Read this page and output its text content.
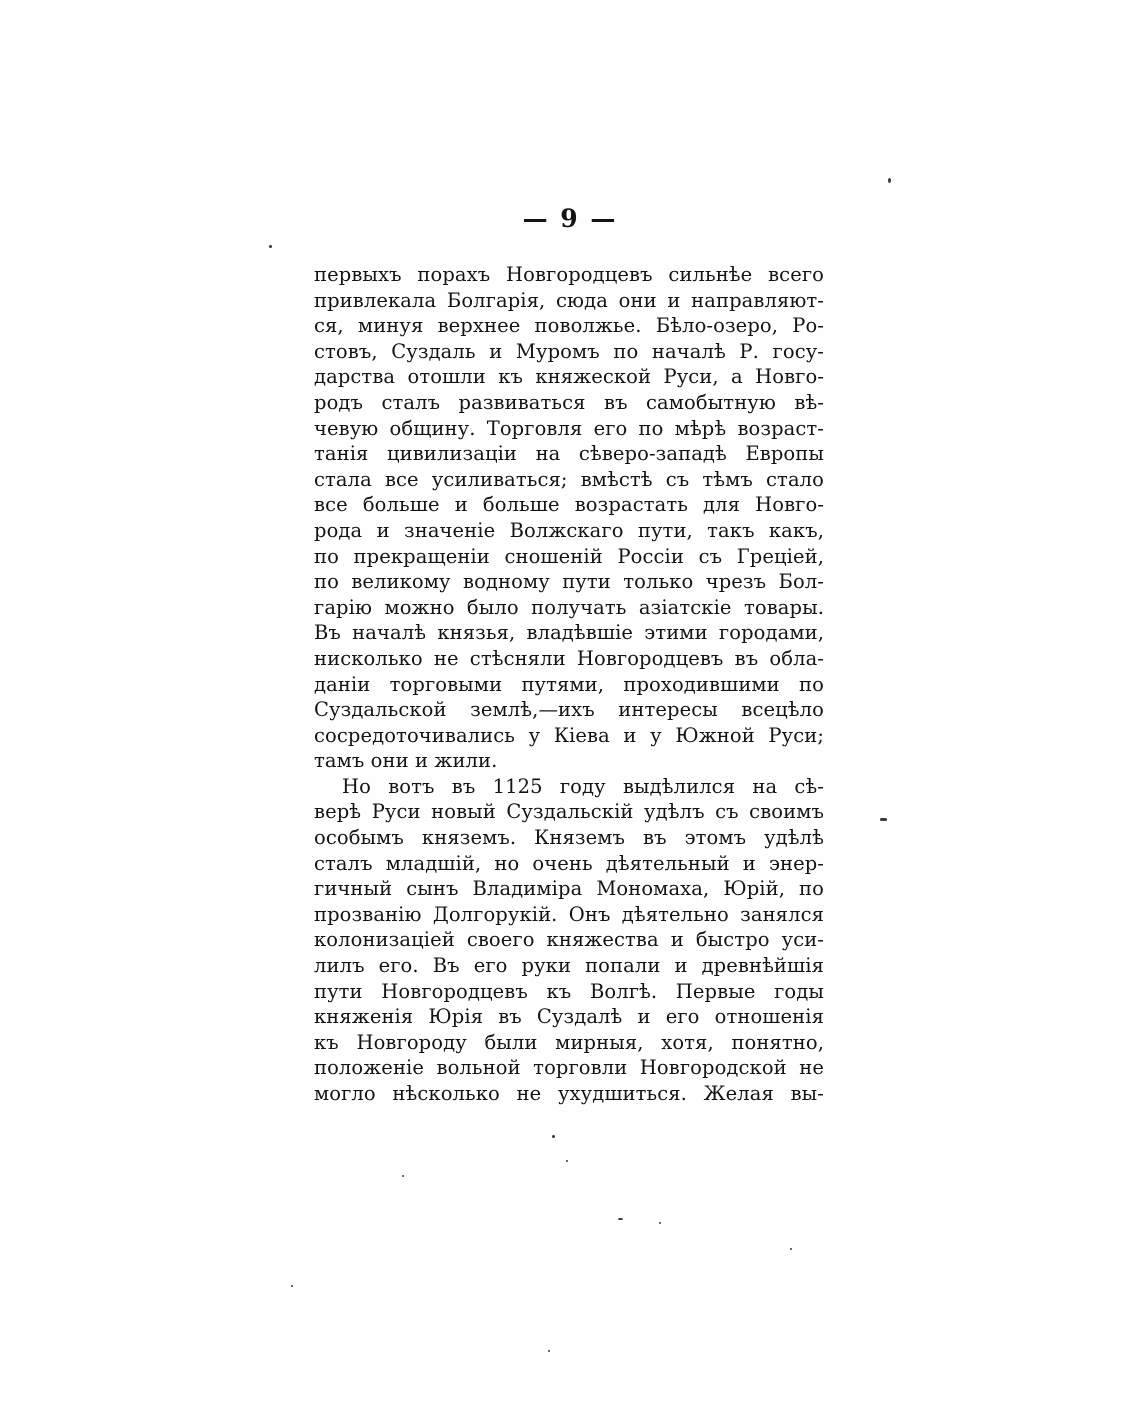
— 9 —
первыхъ порахъ Новгородцевъ сильнѣе всего
привлекала Болгарія, сюда они и направляют-
ся, минуя верхнее поволжье. Бѣло-озеро, Ро-
стовъ, Суздаль и Муромъ по началѣ Р. госу-
дарства отошли къ княжеской Руси, а Новго-
родъ сталъ развиваться въ самобытную вѣ-
чевую общину. Торговля его по мѣрѣ возраст-
танія цивилизаціи на сѣверо-западѣ Европы
стала все усиливаться; вмѣстѣ съ тѣмъ стало
все больше и больше возрастать для Новго-
рода и значеніе Волжскаго пути, такъ какъ,
по прекращеніи сношеній Россіи съ Греціей,
по великому водному пути только чрезъ Бол-
гарію можно было получать азіатскіе товары.
Въ началѣ князья, владѣвшіе этими городами,
нисколько не стѣсняли Новгородцевъ въ обла-
даніи торговыми путями, проходившими по
Суздальской землѣ,—ихъ интересы всецѣло
сосредоточивались у Кіева и у Южной Руси;
тамъ они и жили.
Но вотъ въ 1125 году выдѣлился на сѣ-
верѣ Руси новый Суздальскій удѣлъ съ своимъ
особымъ княземъ. Княземъ въ этомъ удѣлѣ
сталъ младшій, но очень дѣятельный и энер-
гичный сынъ Владиміра Мономаха, Юрій, по
прозванію Долгорукій. Онъ дѣятельно занялся
колонизаціей своего княжества и быстро уси-
лилъ его. Въ его руки попали и древнѣйшія
пути Новгородцевъ къ Волгѣ. Первые годы
княженія Юрія въ Суздалѣ и его отношенія
къ Новгороду были мирныя, хотя, понятно,
положеніе вольной торговли Новгородской не
могло нѣсколько не ухудшиться. Желая вы-
